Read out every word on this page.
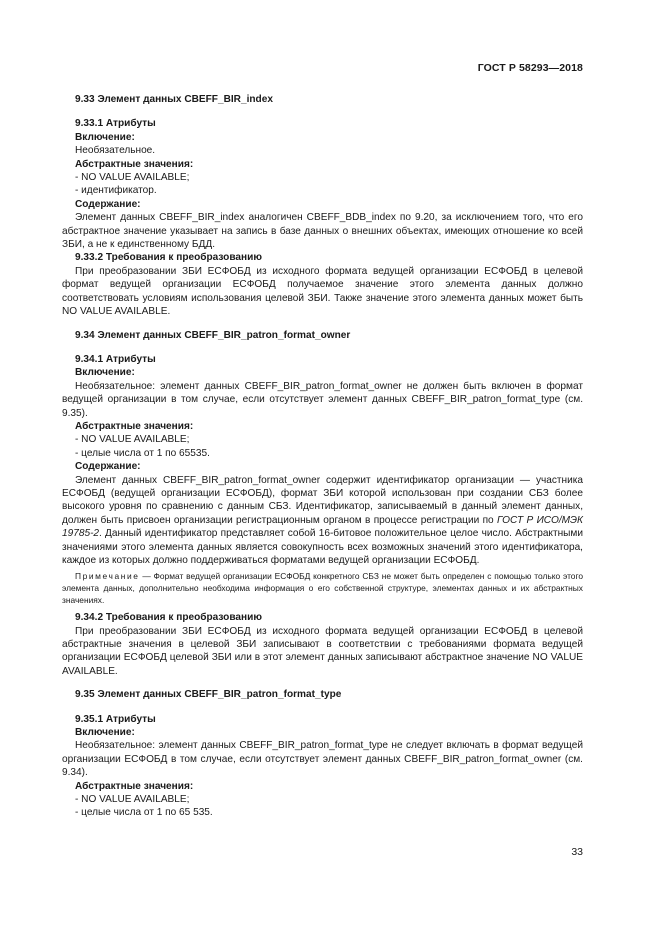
ГОСТ Р 58293—2018
9.33 Элемент данных CBEFF_BIR_index
9.33.1 Атрибуты
Включение:
Необязательное.
Абстрактные значения:
- NO VALUE AVAILABLE;
- идентификатор.
Содержание:

Элемент данных CBEFF_BIR_index аналогичен CBEFF_BDB_index по 9.20, за исключением того, что его абстрактное значение указывает на запись в базе данных о внешних объектах, имеющих отношение ко всей ЗБИ, а не к единственному БДД.

9.33.2 Требования к преобразованию

При преобразовании ЗБИ ЕСФОБД из исходного формата ведущей организации ЕСФОБД в целевой формат ведущей организации ЕСФОБД получаемое значение этого элемента данных должно соответствовать условиям использования целевой ЗБИ. Также значение этого элемента данных может быть NO VALUE AVAILABLE.

9.34 Элемент данных CBEFF_BIR_patron_format_owner
9.34.1 Атрибуты
Включение:

Необязательное: элемент данных CBEFF_BIR_patron_format_owner не должен быть включен в формат ведущей организации в том случае, если отсутствует элемент данных CBEFF_BIR_patron_format_type (см. 9.35).

Абстрактные значения:
- NO VALUE AVAILABLE;
- целые числа от 1 по 65535.
Содержание:

Элемент данных CBEFF_BIR_patron_format_owner содержит идентификатор организации — участника ЕСФОБД (ведущей организации ЕСФОБД), формат ЗБИ которой использован при создании СБЗ более высокого уровня по сравнению с данным СБЗ. Идентификатор, записываемый в данный элемент данных, должен быть присвоен организации регистрационным органом в процессе регистрации по ГОСТ Р ИСО/МЭК 19785-2. Данный идентификатор представляет собой 16-битовое положительное целое число. Абстрактными значениями этого элемента данных является совокупность всех возможных значений этого идентификатора, каждое из которых должно поддерживаться форматами ведущей организации ЕСФОБД.

Примечание — Формат ведущей организации ЕСФОБД конкретного СБЗ не может быть определен с помощью только этого элемента данных, дополнительно необходима информация о его собственной структуре, элементах данных и их абстрактных значениях.

9.34.2 Требования к преобразованию

При преобразовании ЗБИ ЕСФОБД из исходного формата ведущей организации ЕСФОБД в целевой абстрактные значения в целевой ЗБИ записывают в соответствии с требованиями формата ведущей организации ЕСФОБД целевой ЗБИ или в этот элемент данных записывают абстрактное значение NO VALUE AVAILABLE.

9.35 Элемент данных CBEFF_BIR_patron_format_type
9.35.1 Атрибуты
Включение:

Необязательное: элемент данных CBEFF_BIR_patron_format_type не следует включать в формат ведущей организации ЕСФОБД в том случае, если отсутствует элемент данных CBEFF_BIR_patron_format_owner (см. 9.34).

Абстрактные значения:
- NO VALUE AVAILABLE;
- целые числа от 1 по 65 535.
33
